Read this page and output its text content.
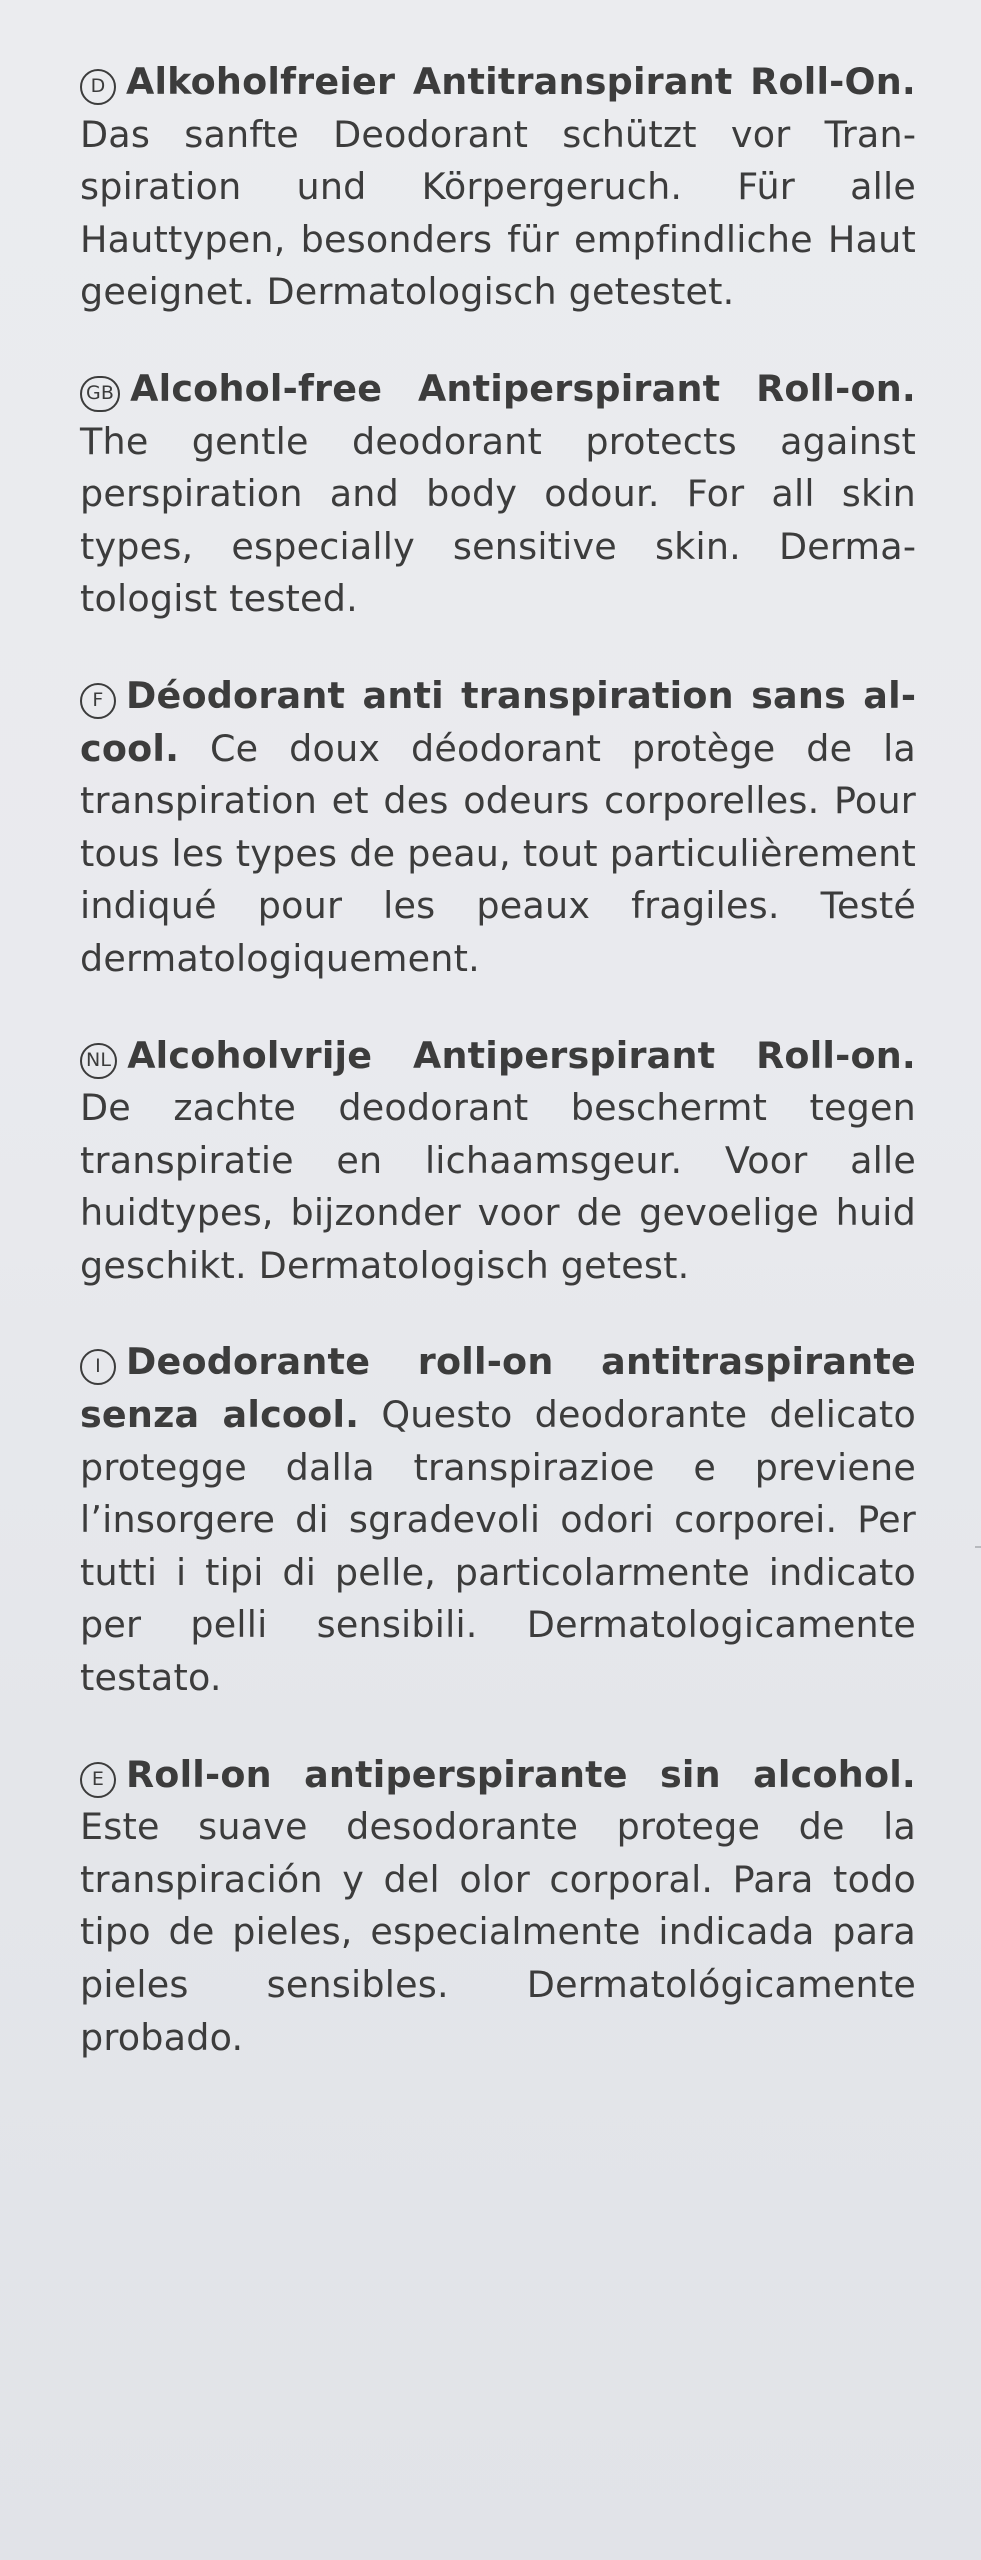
D Alkoholfreier Antitranspirant Roll-On. Das sanfte Deodorant schützt vor Transpiration und Körpergeruch. Für alle Hauttypen, besonders für empfindliche Haut geeignet. Dermatologisch getestet.

GB Alcohol-free Antiperspirant Roll-on. The gentle deodorant protects against perspiration and body odour. For all skin types, especially sensitive skin. Dermatologist tested.

F Déodorant anti transpiration sans alcool. Ce doux déodorant protège de la transpiration et des odeurs corporelles. Pour tous les types de peau, tout particulièrement indiqué pour les peaux fragiles. Testé dermatologiquement.

NL Alcoholvrije Antiperspirant Roll-on. De zachte deodorant beschermt tegen transpiratie en lichaamsgeur. Voor alle huidtypes, bijzonder voor de gevoelige huid geschikt. Dermatologisch getest.

I Deodorante roll-on antitraspirante senza alcool. Questo deodorante delicato protegge dalla transpirazioe e previene l’insorgere di sgradevoli odori corporei. Per tutti i tipi di pelle, particolarmente indicato per pelli sensibili. Dermatologicamente testato.

E Roll-on antiperspirante sin alcohol. Este suave desodorante protege de la transpiración y del olor corporal. Para todo tipo de pieles, especialmente indicada para pieles sensibles. Dermatológicamente probado.
